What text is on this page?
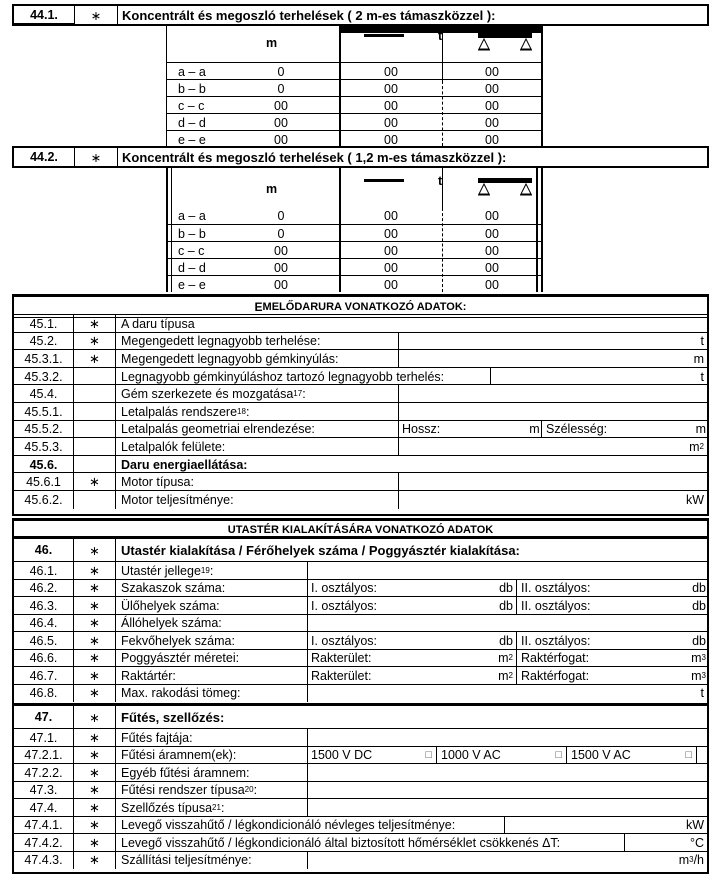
44.1.	∗	Koncentrált és megoszló terhelések ( 2 m-es támaszközzel ):
m	t
a – a	0	00	00
b – b	0	00	00
c – c	00	00	00
d – d	00	00	00
e – e	00	00	00
44.2.	∗	Koncentrált és megoszló terhelések ( 1,2 m-es támaszközzel ):
m
t
a – a	0	00	00
b – b	0	00	00
c – c	00	00	00
d – d	00	00	00
e – e	00	00	00
E MELŐDARURA VONATKOZÓ ADATOK :
45.1.	∗	A daru típusa
45.2.	∗	Megengedett legnagyobb terhelése:	t
45.3.1.	∗	Megengedett legnagyobb gémkinyúlás:	m
45.3.2.	Legnagyobb gémkinyúláshoz tartozó legnagyobb terhelés:	t
45.4.	Gém szerkezete és mozgatása 17 :
45.5.1.	Letalpalás rendszere 18 :
45.5.2.	Letalpalás geometriai elrendezése:	Hossz:	m Szélesség:	m
45.5.3.	Letalpalók felülete:	m 2
45.6.	Daru energiaellátása:
45.6.1	∗	Motor típusa:
45.6.2.	Motor teljesítménye:	kW
UTASTÉR KIALAKÍTÁSÁRA VONATKOZÓ ADATOK
46.	∗	Utastér kialakítása / Férőhelyek száma / Poggyásztér kialakítása:
46.1.	∗	Utastér jellege 19 :
46.2.	∗	Szakaszok száma:	I. osztályos:	db II. osztályos:	db
46.3.	∗	Ülőhelyek száma:	I. osztályos:	db II. osztályos:	db
46.4.	∗	Állóhelyek száma:
46.5.	∗	Fekvőhelyek száma:	I. osztályos:	db II. osztályos:	db
46.6.	∗	Poggyásztér méretei:	Rakterület:	m 2 Raktérfogat:	m 3
46.7.	∗	Raktártér:	Rakterület:	m 2 Raktérfogat:	m 3
46.8.	∗	Max. rakodási tömeg:	t
47.	∗	Fűtés, szellőzés:
47.1.	∗	Fűtés fajtája:
47.2.1.	∗	Fűtési áramnem(ek):	1500 V DC	□ 1000 V AC	□ 1500 V AC	□
47.2.2.	∗	Egyéb fűtési áramnem:
47.3.	∗	Fűtési rendszer típusa 20 :
47.4.	∗	Szellőzés típusa 21 :
47.4.1.	∗	Levegő visszahűtő / légkondicionáló névleges teljesítménye:	kW
47.4.2.	∗	Levegő visszahűtő / légkondicionáló által biztosított hőmérséklet csökkenés ΔT:	°C
47.4.3.	∗	Szállítási teljesítménye:	m 3 /h
